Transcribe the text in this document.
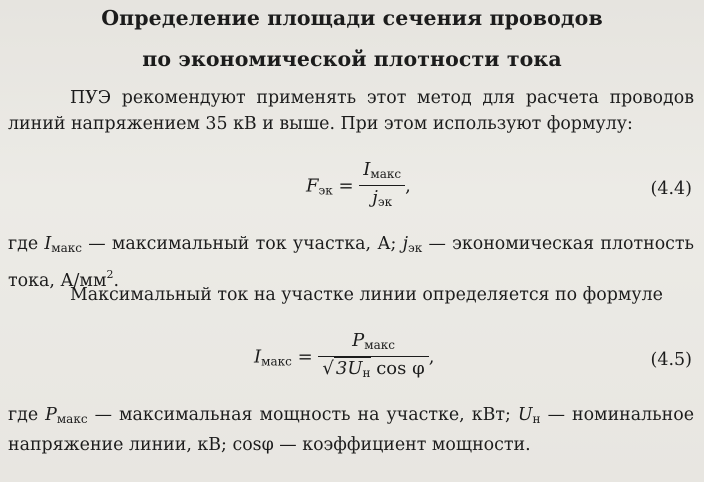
Определение площади сечения проводов
по экономической плотности тока

ПУЭ рекомендуют применять этот метод для расчета проводов линий напряжением 35 кВ и выше. При этом используют формулу:

$F_{эк} = \frac{I_{макс}}{j_{эк}}$ ,	(4.4)

где $I_{макс}$ — максимальный ток участка, А; $j_{эк}$ — экономическая плотность тока, $А/мм^2$.

Максимальный ток на участке линии определяется по формуле

$I_{макс} = \frac{P_{макс}}{√ 3U_н \cos \varphi}$ ,	(4.5)

где $P_{макс}$ — максимальная мощность на участке, кВт; $U_н$ — номинальное напряжение линии, кВ; cosφ — коэффициент мощности.
